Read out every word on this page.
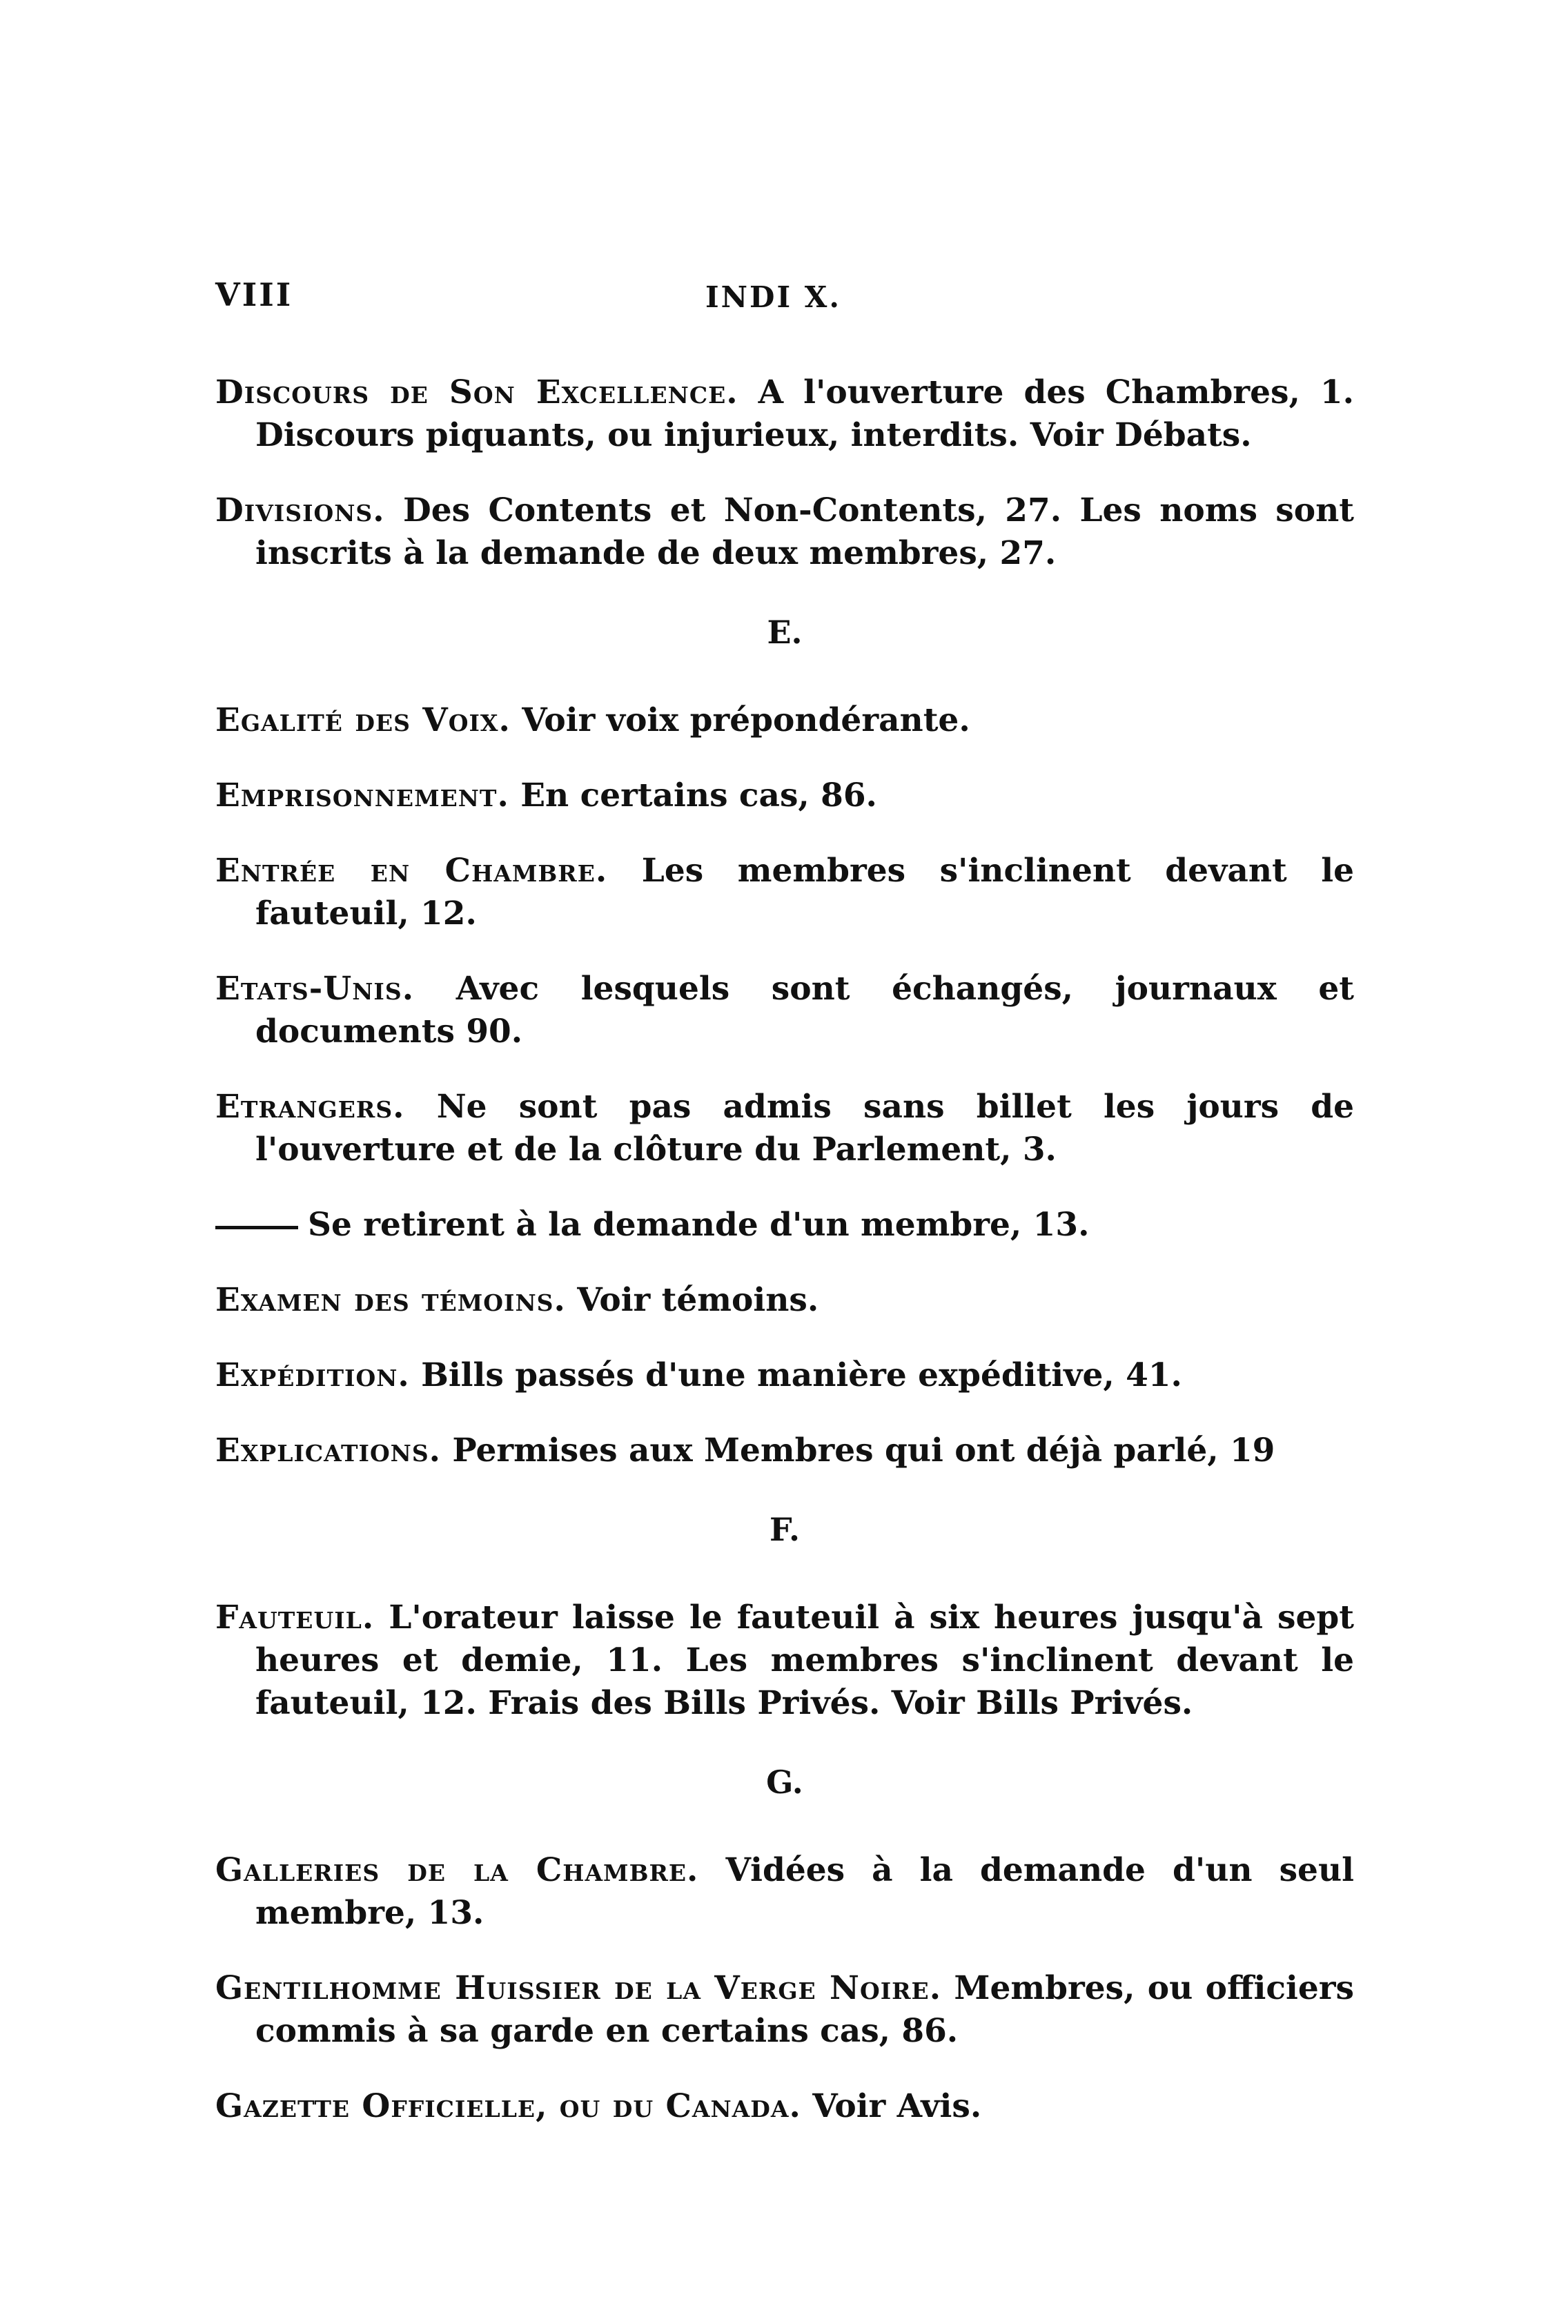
VIII	INDI X.

Discours de Son Excellence. A l'ouverture des Chambres, 1. Discours piquants, ou injurieux, interdits. Voir Débats.

Divisions. Des Contents et Non-Contents, 27. Les noms sont inscrits à la demande de deux membres, 27.

E.

Egalité des Voix. Voir voix prépondérante.

Emprisonnement. En certains cas, 86.

Entrée en Chambre. Les membres s'inclinent devant le fauteuil, 12.

Etats-Unis. Avec lesquels sont échangés, journaux et documents 90.

Etrangers. Ne sont pas admis sans billet les jours de l'ouverture et de la clôture du Parlement, 3.

Se retirent à la demande d'un membre, 13.

Examen des témoins. Voir témoins.

Expédition. Bills passés d'une manière expéditive, 41.

Explications. Permises aux Membres qui ont déjà parlé, 19

F.

Fauteuil. L'orateur laisse le fauteuil à six heures jusqu'à sept heures et demie, 11. Les membres s'inclinent devant le fauteuil, 12. Frais des Bills Privés. Voir Bills Privés.

G.

Galleries de la Chambre. Vidées à la demande d'un seul membre, 13.

Gentilhomme Huissier de la Verge Noire. Membres, ou officiers commis à sa garde en certains cas, 86.

Gazette Officielle, ou du Canada. Voir Avis.
